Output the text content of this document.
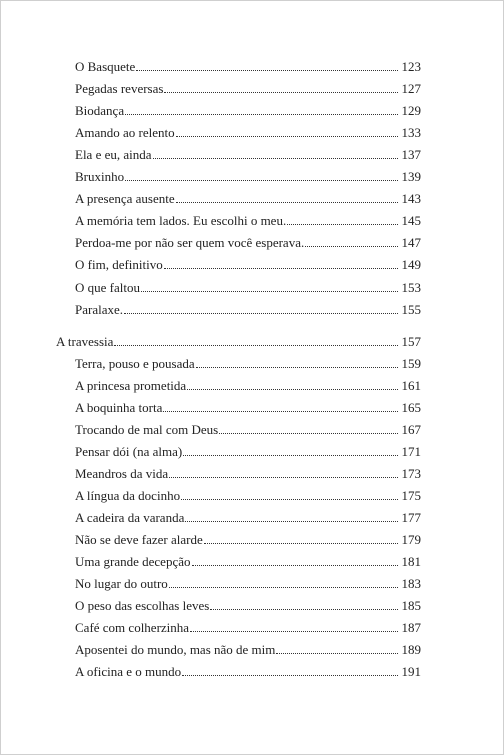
O Basquete	123
Pegadas reversas	127
Biodança	129
Amando ao relento	133
Ela e eu, ainda	137
Bruxinho	139
A presença ausente	143
A memória tem lados. Eu escolhi o meu.	145
Perdoa-me por não ser quem você esperava.	147
O fim, definitivo	149
O que faltou	153
Paralaxe.	155
A travessia	157
Terra, pouso e pousada	159
A princesa prometida	161
A boquinha torta	165
Trocando de mal com Deus	167
Pensar dói (na alma)	171
Meandros da vida	173
A língua da docinho	175
A cadeira da varanda	177
Não se deve fazer alarde	179
Uma grande decepção	181
No lugar do outro	183
O peso das escolhas leves	185
Café com colherzinha	187
Aposentei do mundo, mas não de mim	189
A oficina e o mundo	191
